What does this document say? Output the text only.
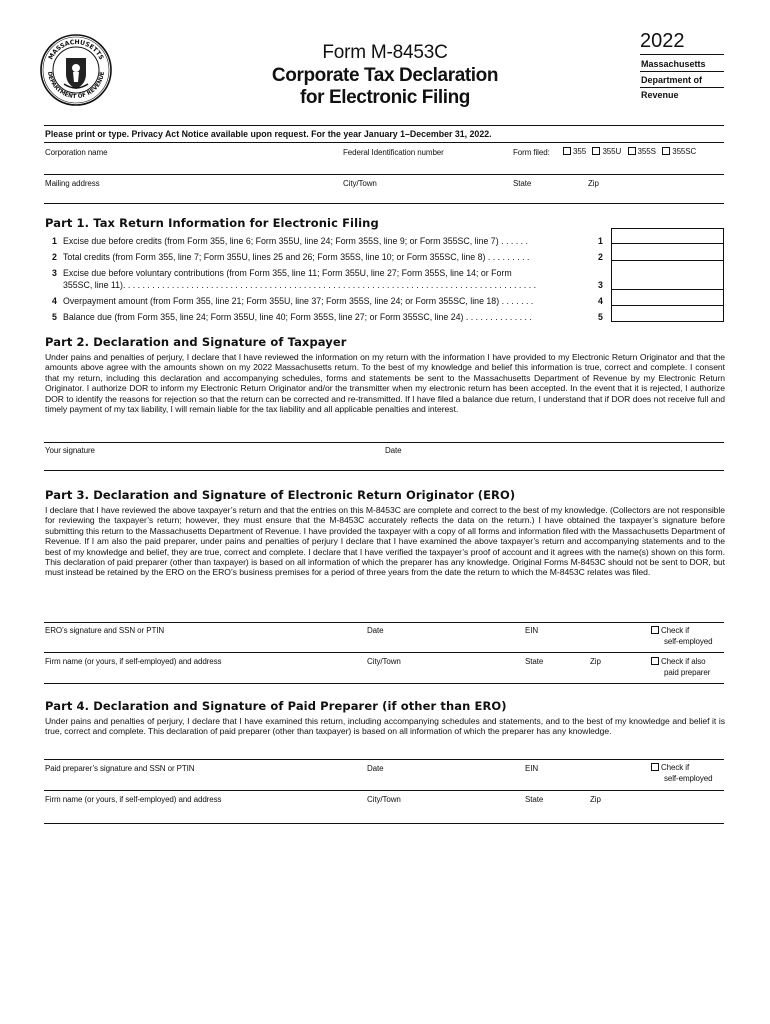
MASSACHUSETTS
DEPARTMENT OF REVENUE
Form M-8453C
Corporate Tax Declaration
for Electronic Filing
2022
Massachusetts
Department of
Revenue
Please print or type. Privacy Act Notice available upon request. For the year January 1–December 31, 2022.
Corporation name	Federal Identification number	Form filed:	355 355U 355S 355SC
Mailing address	City/Town	State	Zip
Part 1. Tax Return Information for Electronic Filing
1 Excise due before credits (from Form 355, line 6; Form 355U, line 24; Form 355S, line 9; or Form 355SC, line 7) . . . . . .	1
2 Total credits (from Form 355, line 7; Form 355U, lines 25 and 26; Form 355S, line 10; or Form 355SC, line 8) . . . . . . . . .	2
3 Excise due before voluntary contributions (from Form 355, line 11; Form 355U, line 27; Form 355S, line 14; or Form
355SC, line 11). . . . . . . . . . . . . . . . . . . . . . . . . . . . . . . . . . . . . . . . . . . . . . . . . . . . . . . . . . . . . . . . . . . . . . . . . . . . . . . . . . . . .	3
4 Overpayment amount (from Form 355, line 21; Form 355U, line 37; Form 355S, line 24; or Form 355SC, line 18) . . . . . . .	4
5 Balance due (from Form 355, line 24; Form 355U, line 40; Form 355S, line 27; or Form 355SC, line 24) . . . . . . . . . . . . . .	5
Part 2. Declaration and Signature of Taxpayer
Under pains and penalties of perjury, I declare that I have reviewed the information on my return with the information I have provided to my Electronic Return Originator and that the amounts above agree with the amounts shown on my 2022 Massachusetts return. To the best of my knowledge and belief this information is true, correct and complete. I consent that my return, including this declaration and accompanying schedules, forms and statements be sent to the Massachusetts Department of Revenue by my Electronic Return Originator. I authorize DOR to inform my Electronic Return Originator and/or the transmitter when my electronic return has been accepted. In the event that it is rejected, I authorize DOR to identify the reasons for rejection so that the return can be corrected and re-transmitted. If I have filed a balance due return, I understand that if DOR does not receive full and timely payment of my tax liability, I will remain liable for the tax liability and all applicable penalties and interest.
Your signature	Date
Part 3. Declaration and Signature of Electronic Return Originator (ERO)
I declare that I have reviewed the above taxpayer’s return and that the entries on this M-8453C are complete and correct to the best of my knowledge. (Collectors are not responsible for reviewing the taxpayer’s return; however, they must ensure that the M-8453C accurately reflects the data on the return.) I have obtained the taxpayer’s signature before submitting this return to the Massachusetts Department of Revenue. I have provided the taxpayer with a copy of all forms and information filed with the Massachusetts Department of Revenue. If I am also the paid preparer, under pains and penalties of perjury I declare that I have examined the above taxpayer’s return and accompanying statements and to the best of my knowledge and belief, they are true, correct and complete. I declare that I have verified the taxpayer’s proof of account and it agrees with the name(s) shown on this form. This declaration of paid preparer (other than taxpayer) is based on all information of which the preparer has any knowledge. Original Forms M-8453C should not be sent to DOR, but must instead be retained by the ERO on the ERO’s business premises for a period of three years from the date the return to which the M-8453C relates was filed.
ERO’s signature and SSN or PTIN	Date	EIN	Check if
self-employed
Firm name (or yours, if self-employed) and address	City/Town	State	Zip	Check if also
paid preparer
Part 4. Declaration and Signature of Paid Preparer (if other than ERO)
Under pains and penalties of perjury, I declare that I have examined this return, including accompanying schedules and statements, and to the best of my knowledge and belief it is true, correct and complete. This declaration of paid preparer (other than taxpayer) is based on all information of which the preparer has any knowledge.
Paid preparer’s signature and SSN or PTIN	Date	EIN	Check if
self-employed
Firm name (or yours, if self-employed) and address	City/Town	State	Zip
